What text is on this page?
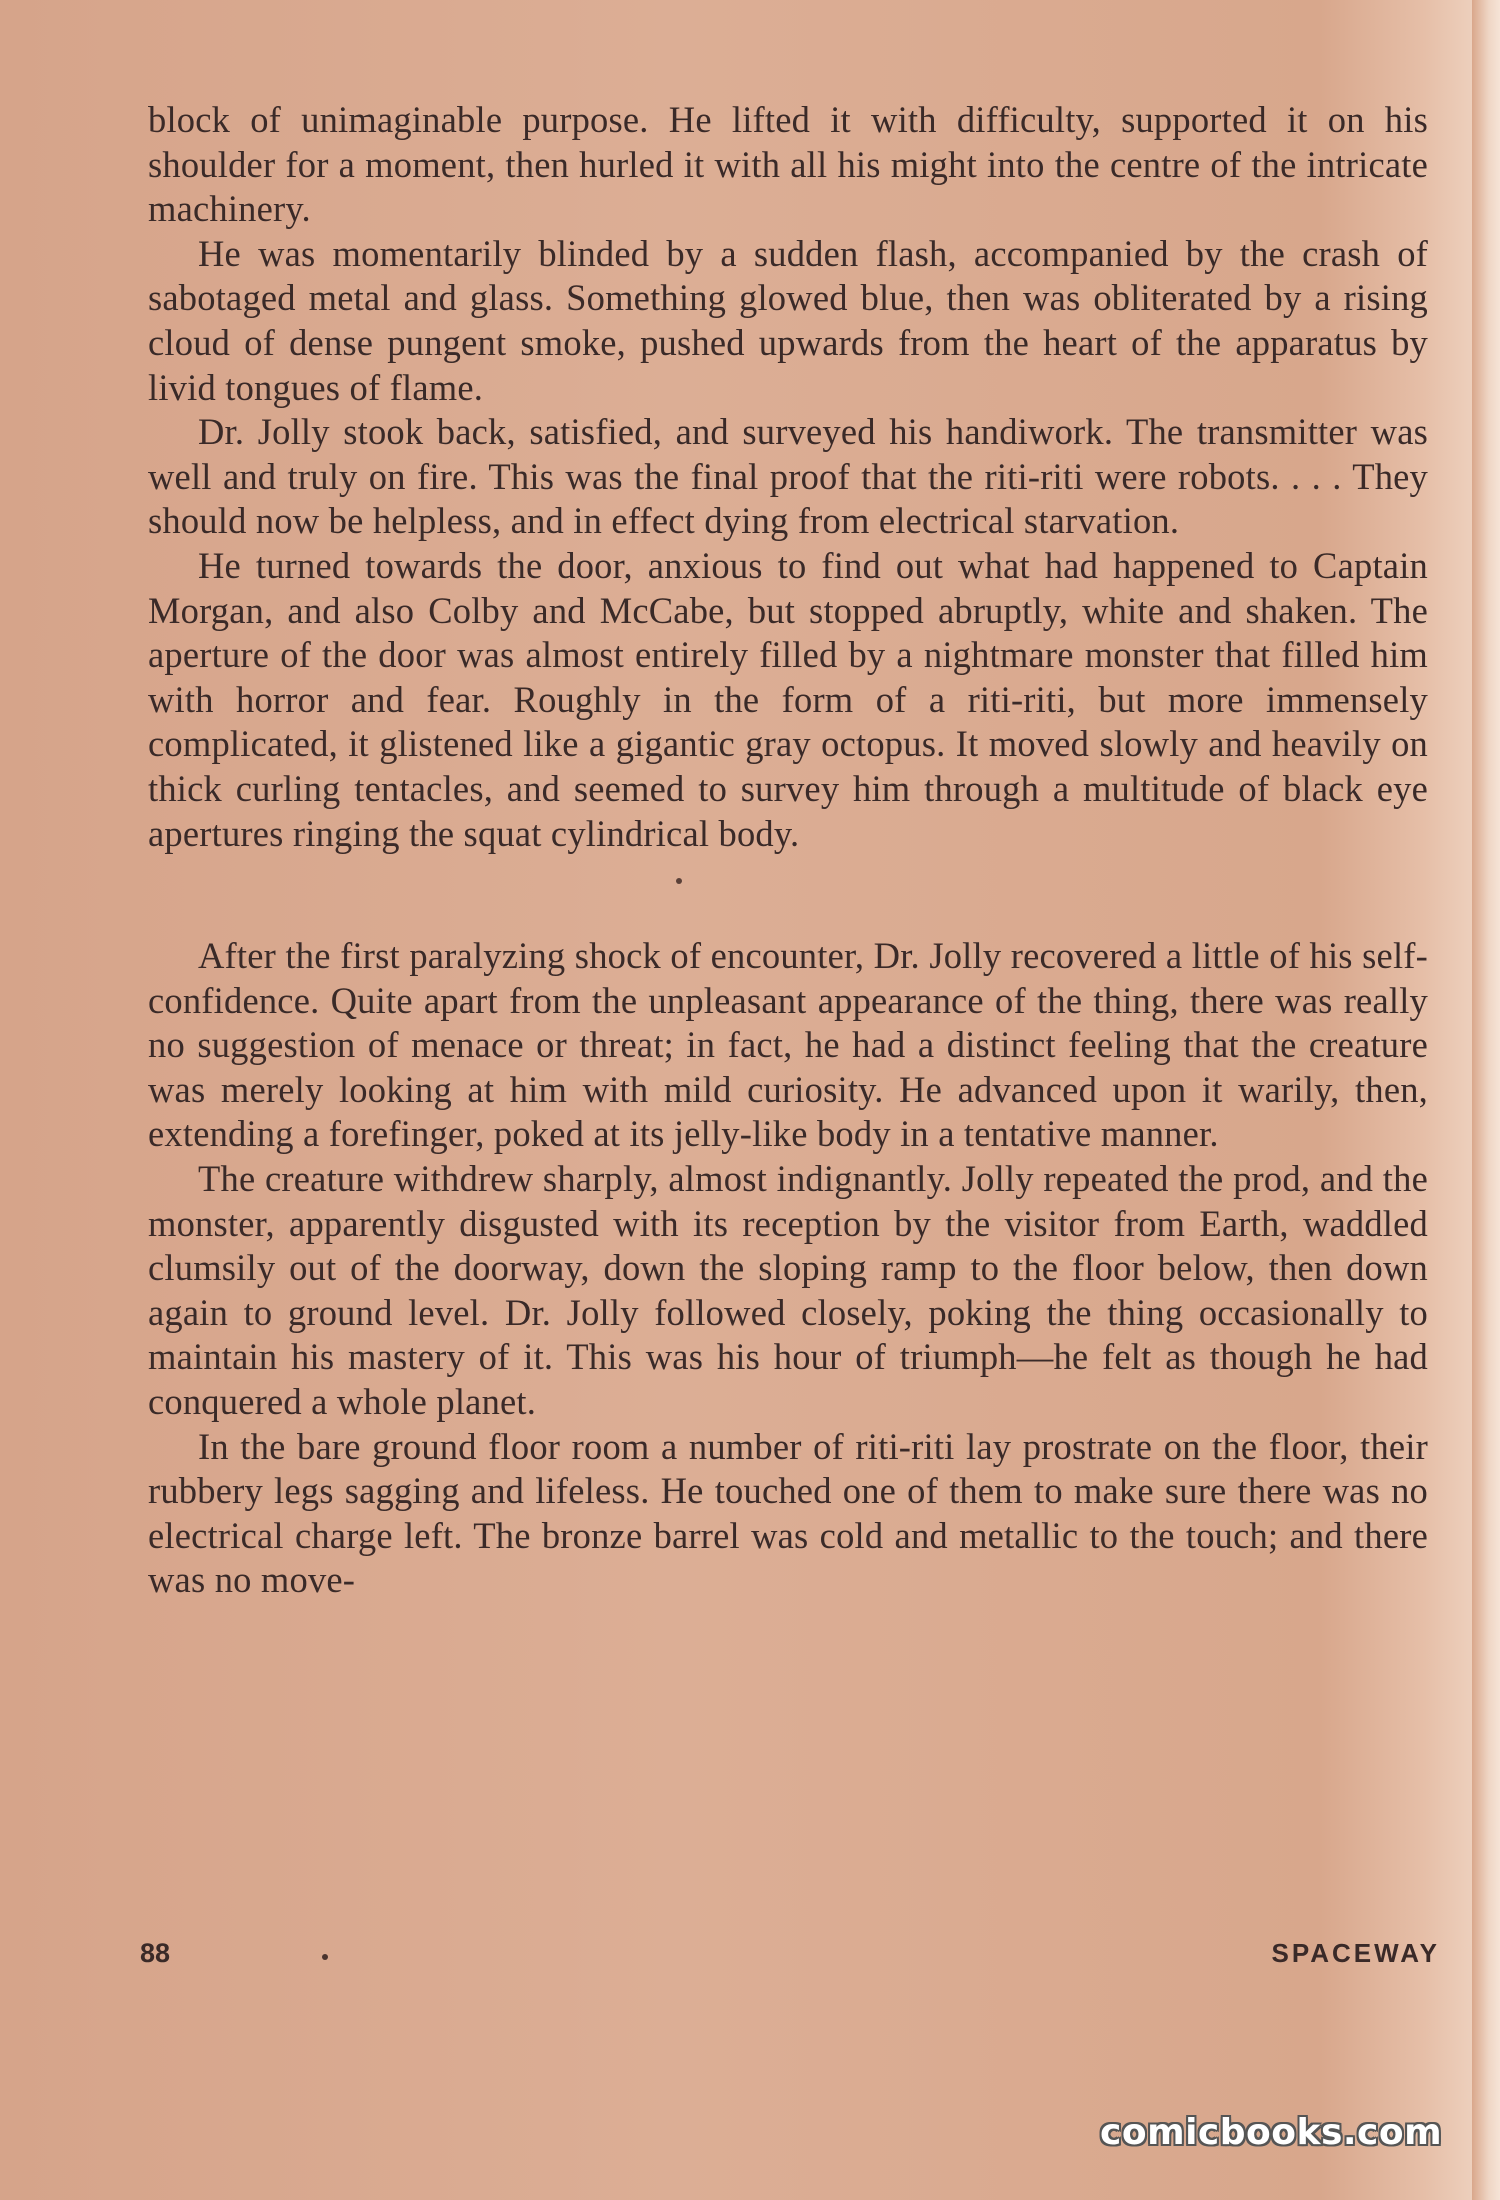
block of unimaginable purpose. He lifted it with difficulty, supported it on his shoulder for a moment, then hurled it with all his might into the centre of the intricate machinery.

He was momentarily blinded by a sudden flash, accompanied by the crash of sabotaged metal and glass. Something glowed blue, then was obliterated by a rising cloud of dense pungent smoke, pushed upwards from the heart of the apparatus by livid tongues of flame.

Dr. Jolly stook back, satisfied, and surveyed his handiwork. The transmitter was well and truly on fire. This was the final proof that the riti-riti were robots. . . . They should now be helpless, and in effect dying from electrical starvation.

He turned towards the door, anxious to find out what had happened to Captain Morgan, and also Colby and McCabe, but stopped abruptly, white and shaken. The aperture of the door was almost entirely filled by a nightmare monster that filled him with horror and fear. Roughly in the form of a riti-riti, but more immensely complicated, it glistened like a gigantic gray octopus. It moved slowly and heavily on thick curling tentacles, and seemed to survey him through a multitude of black eye apertures ringing the squat cylindrical body.

After the first paralyzing shock of encounter, Dr. Jolly recovered a little of his self-confidence. Quite apart from the unpleasant appearance of the thing, there was really no suggestion of menace or threat; in fact, he had a distinct feeling that the creature was merely looking at him with mild curiosity. He advanced upon it warily, then, extending a forefinger, poked at its jelly-like body in a tentative manner.

The creature withdrew sharply, almost indignantly. Jolly repeated the prod, and the monster, apparently disgusted with its reception by the visitor from Earth, waddled clumsily out of the doorway, down the sloping ramp to the floor below, then down again to ground level. Dr. Jolly followed closely, poking the thing occasionally to maintain his mastery of it. This was his hour of triumph—he felt as though he had conquered a whole planet.

In the bare ground floor room a number of riti-riti lay prostrate on the floor, their rubbery legs sagging and lifeless. He touched one of them to make sure there was no electrical charge left. The bronze barrel was cold and metallic to the touch; and there was no move-

88	SPACEWAY
comicbooks.com
